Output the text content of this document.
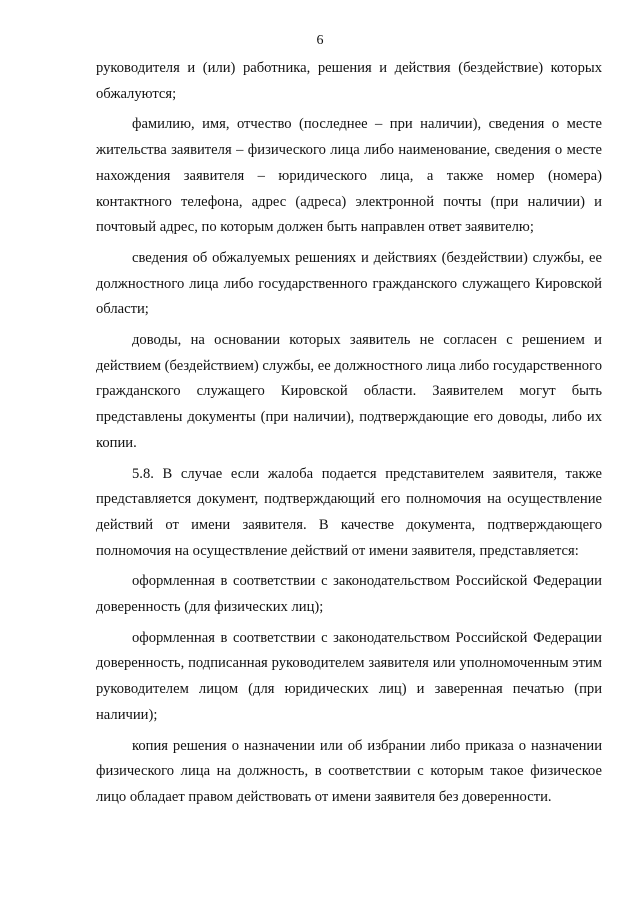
6

руководителя и (или) работника, решения и действия (бездействие) которых обжалуются;

фамилию, имя, отчество (последнее – при наличии), сведения о месте жительства заявителя – физического лица либо наименование, сведения о месте нахождения заявителя – юридического лица, а также номер (номера) контактного телефона, адрес (адреса) электронной почты (при наличии) и почтовый адрес, по которым должен быть направлен ответ заявителю;

сведения об обжалуемых решениях и действиях (бездействии) службы, ее должностного лица либо государственного гражданского служащего Кировской области;

доводы, на основании которых заявитель не согласен с решением и действием (бездействием) службы, ее должностного лица либо государственного гражданского служащего Кировской области. Заявителем могут быть представлены документы (при наличии), подтверждающие его доводы, либо их копии.

5.8. В случае если жалоба подается представителем заявителя, также представляется документ, подтверждающий его полномочия на осуществление действий от имени заявителя. В качестве документа, подтверждающего полномочия на осуществление действий от имени заявителя, представляется:

оформленная в соответствии с законодательством Российской Федерации доверенность (для физических лиц);

оформленная в соответствии с законодательством Российской Федерации доверенность, подписанная руководителем заявителя или уполномоченным этим руководителем лицом (для юридических лиц) и заверенная печатью (при наличии);

копия решения о назначении или об избрании либо приказа о назначении физического лица на должность, в соответствии с которым такое физическое лицо обладает правом действовать от имени заявителя без доверенности.
